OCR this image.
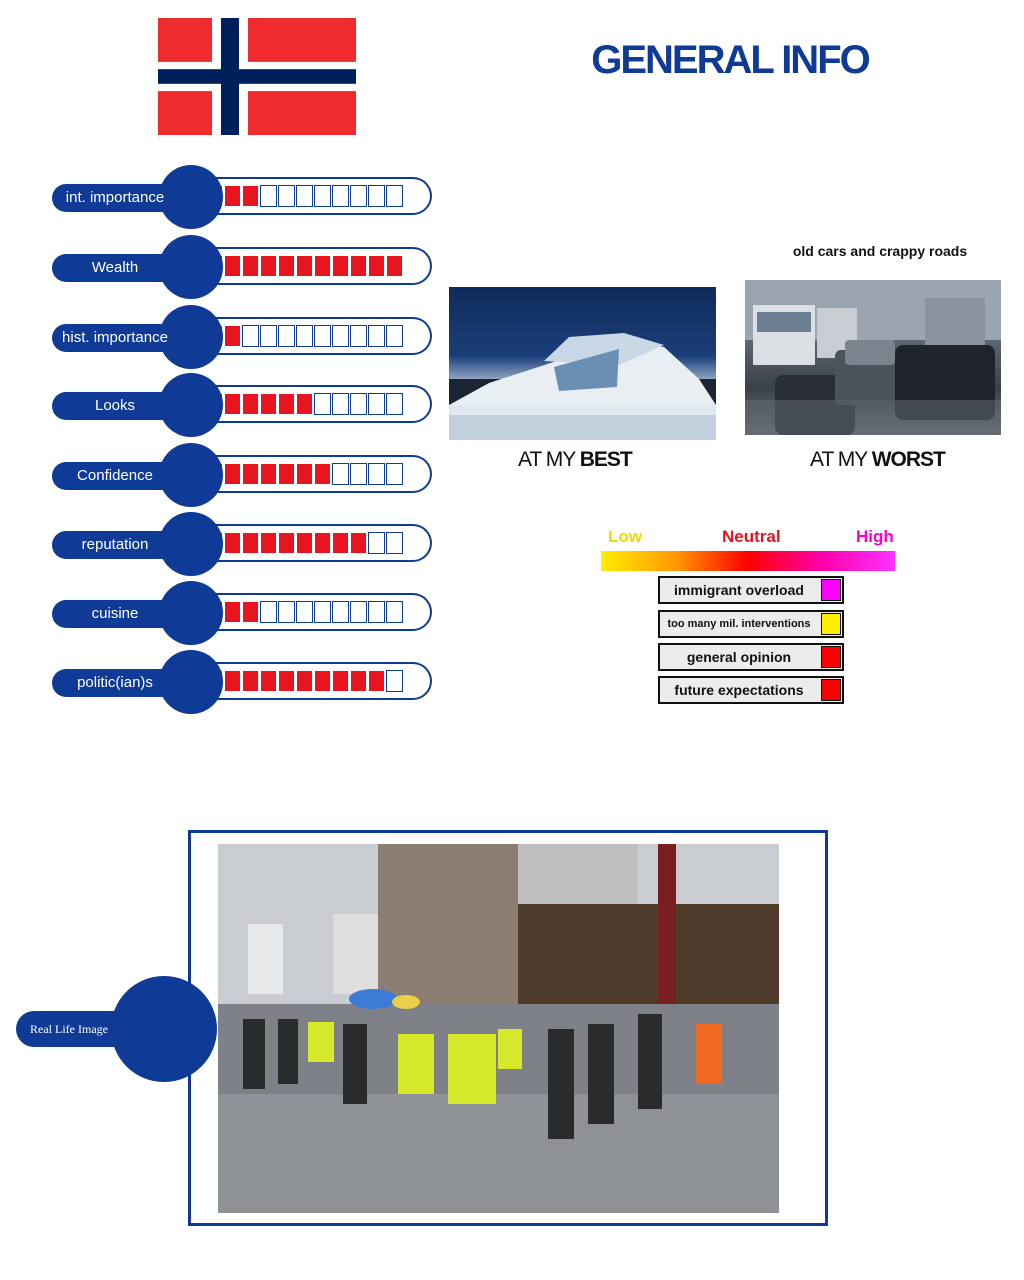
GENERAL INFO
int. importance
Wealth
hist. importance
Looks
Confidence
reputation
cuisine
politic(ian)s
AT MY BEST
old cars and crappy roads
AT MY WORST
Low	Neutral	High
immigrant overload
too many mil. interventions
general opinion
future expectations
Real Life Image
